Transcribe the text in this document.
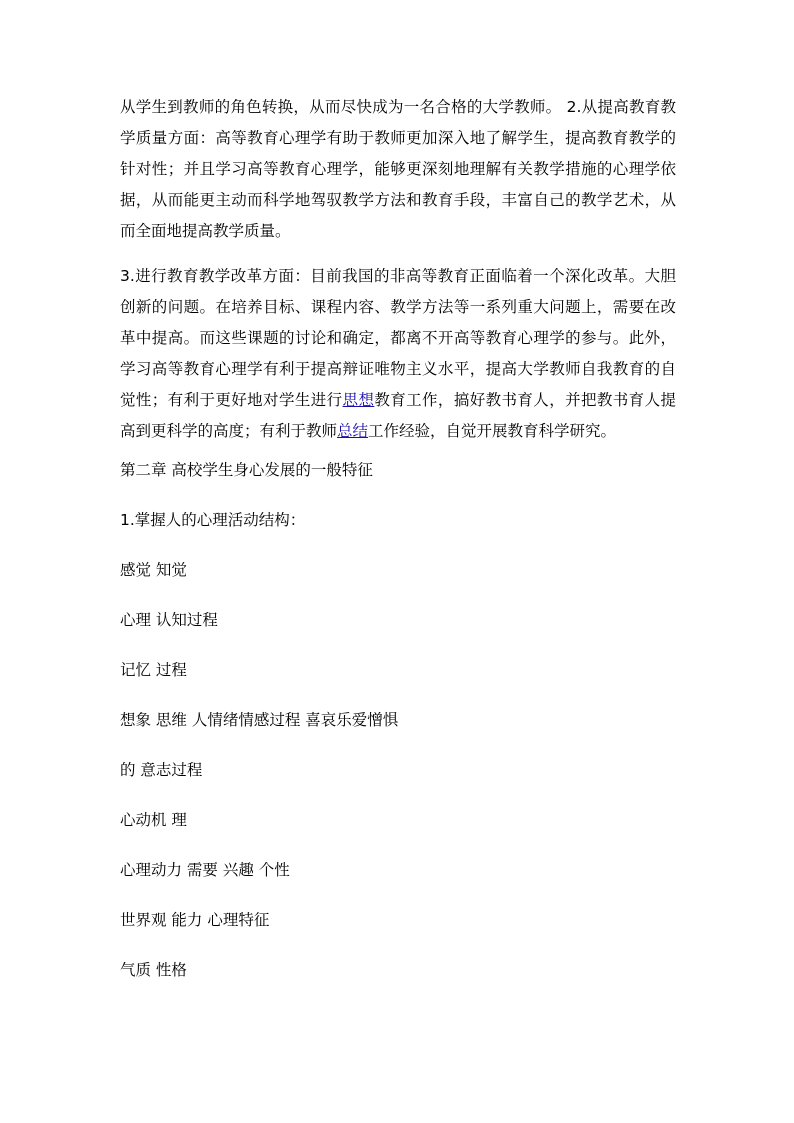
从学生到教师的角色转换，从而尽快成为一名合格的大学教师。 2.从提高教育教学质量方面：高等教育心理学有助于教师更加深入地了解学生，提高教育教学的针对性；并且学习高等教育心理学，能够更深刻地理解有关教学措施的心理学依据，从而能更主动而科学地驾驭教学方法和教育手段，丰富自己的教学艺术，从而全面地提高教学质量。

3.进行教育教学改革方面：目前我国的非高等教育正面临着一个深化改革。大胆创新的问题。在培养目标、课程内容、教学方法等一系列重大问题上，需要在改革中提高。而这些课题的讨论和确定，都离不开高等教育心理学的参与。此外，学习高等教育心理学有利于提高辩证唯物主义水平，提高大学教师自我教育的自觉性；有利于更好地对学生进行思想教育工作，搞好教书育人，并把教书育人提高到更科学的高度；有利于教师总结工作经验，自觉开展教育科学研究。

第二章 高校学生身心发展的一般特征

1.掌握人的心理活动结构：

感觉 知觉

心理 认知过程

记忆 过程

想象 思维 人情绪情感过程 喜哀乐爱憎惧

的 意志过程

心动机 理

心理动力 需要 兴趣 个性

世界观 能力 心理特征

气质 性格
